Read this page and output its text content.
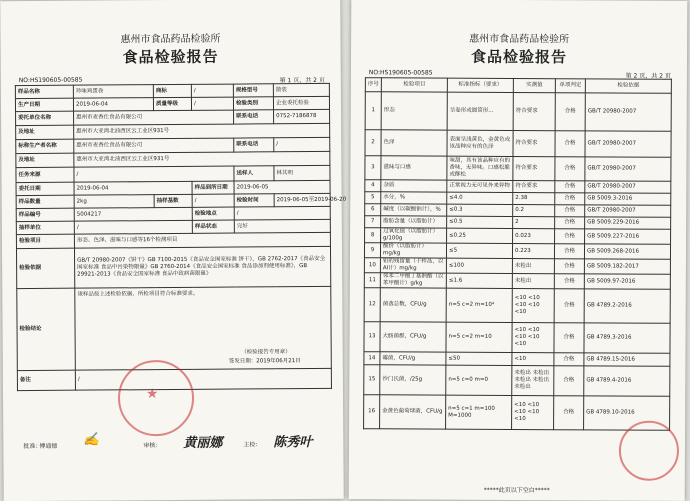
惠州市食品药品检验所
食品检验报告
NO:HS190605-00585	第 1 页，共 2 页
样品名称	珍味鸡蛋卷	商标	/	规格型号	散装
生产日期	2019-06-04	质量等级	/	检验类别	企业委托检验
委托单位名称	惠州市麦香仕食品有限公司			联系电话	0752-7186878
及地址	惠州市大亚湾北油西区云工业区931号				
标称生产者名称	惠州市麦香仕食品有限公司			联系电话	/
及地址	惠州市大亚湾北油西区云工业区931号				
任务来源	/			送样人	林其明
委托日期	2019-06-04		样品到所日期	2019-06-05	
样品数量	2kg	抽样基数	/	检验时间	2019-06-05至2019-06-20
样品编号	5004217		检验地点	/	
抽样单位	/		样品状态	完好	
检验项目	形态、色泽、滋味与口感等16个检测项目				
检验依据	GB/T 20980-2007《饼干》GB 7100-2015《食品安全国家标准 饼干》，GB 2762-2017《食品安全国家标准 食品中污染物限量》GB 2760-2014《食品安全国家标准 食品添加剂使用标准》，GB 29921-2013《食品安全国家标准 食品中致病菌限量》				
检验结论	该样品按上述检验依据，所检项目符合标准要求。
（检验报告专用章）
签发日期：2019年06月21日				

备注	/				
★
批准：
傅通德 ✍	审核： 黄丽娜	主检： 陈秀叶
惠州市食品药品检验所
食品检验报告
NO:HS190605-00585	第 2 页，共 2 页
序号	检验项目	标准指标（要求）	实测值	单项判定	检验依据
1	形态	呈卷形或圆筒形...	符合要求	合格	GB/T 20980-2007
2	色泽	表面呈浅黄色，金黄色或该品种应有的色泽	符合要求	合格	GB/T 20980-2007
3	滋味与口感	味甜，具有该品种应有的香味，无异味。口感松脆或酥松	符合要求	合格	GB/T 20980-2007
4	杂质	正常视力无可见外来异物	符合要求	合格	GB/T 20980-2007
5	水分，%	≤4.0	2.38	合格	GB 5009.3-2016
6	碱度（以碳酸钠计），%	≤0.3	0.2	合格	GB/T 20980-2007
7	脂肪含量（以脂肪计）	≤0.5	2	合格	GB 5009.229-2016
8	过氧化值（以脂肪计）g/100g	≤0.25	0.023	合格	GB 5009.227-2016
9	酸价（以脂肪计）mg/kg	≤5	0.223	合格	GB 5009.268-2016
10	铝的残留量（干样品，以Al计）mg/kg	≤100	未检出	合格	GB 5009.182-2017
11	邻苯二甲酸丁基钠酯（以苯甲酸计）g/kg	≤1.6	未检出	合格	GB 5009.97-2016
12	菌落总数，CFU/g	n=5 c=2 m=10⁴	<10 <10 <10 <10 <10	合格	GB 4789.2-2016
13	大肠菌群，CFU/g	n=5 c=2 m=10	<10 <10 <10 <10 <10	合格	GB 4789.3-2016
14	霉菌，CFU/g	≤50	<10	合格	GB 4789.15-2016
15	沙门氏菌，/25g	n=5 c=0 m=0	未检出 未检出 未检出 未检出 未检出	合格	GB 4789.4-2016
16	金黄色葡萄球菌，CFU/g	n=5 c=1 m=100 M=1000	<10 <10 <10 <10 <10	合格	GB 4789.10-2016
*****此页以下空白*****
